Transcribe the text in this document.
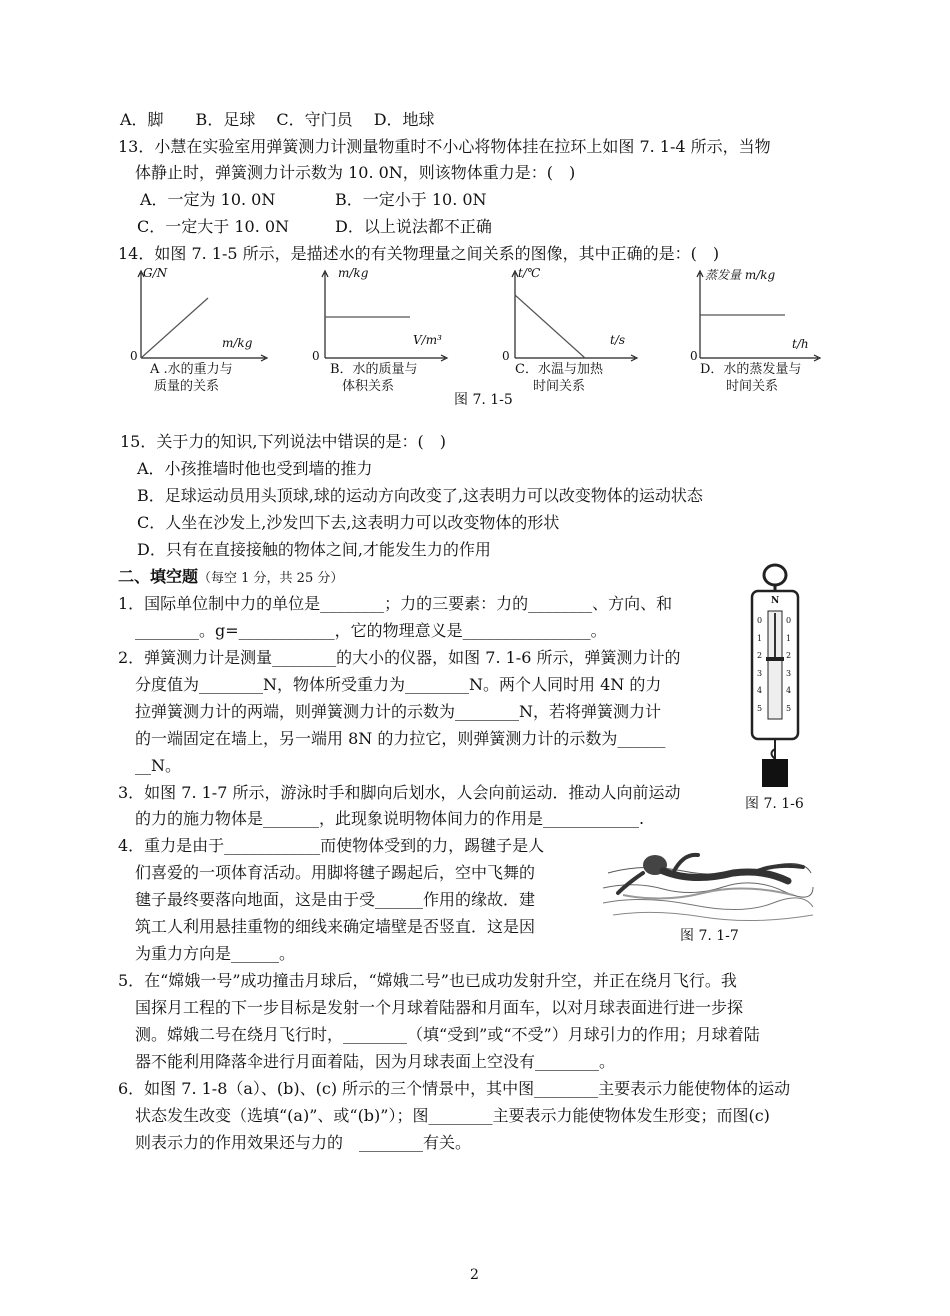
A．脚　　B．足球　 C．守门员　 D．地球
13．小慧在实验室用弹簧测力计测量物重时不小心将物体挂在拉环上如图 7. 1-4 所示，当物
体静止时，弹簧测力计示数为 10. 0N，则该物体重力是：(　)
A．一定为 10. 0N	B．一定小于 10. 0N
C．一定大于 10. 0N	D．以上说法都不正确
14．如图 7. 1-5 所示，是描述水的有关物理量之间关系的图像，其中正确的是：(　)
G/N
m/kg
0
A .水的重力与
质量的关系
m/kg
V/m³
0
B．水的质量与
体积关系
t/℃
t/s
0
C．水温与加热
时间关系
蒸发量 m/kg
t/h
0
D．水的蒸发量与
时间关系
图 7. 1-5
15．关于力的知识,下列说法中错误的是：(　)
A．小孩推墙时他也受到墙的推力
B．足球运动员用头顶球,球的运动方向改变了,这表明力可以改变物体的运动状态
C．人坐在沙发上,沙发凹下去,这表明力可以改变物体的形状
D．只有在直接接触的物体之间,才能发生力的作用
二、填空题（每空 1 分，共 25 分）
1．国际单位制中力的单位是________；力的三要素：力的________、方向、和
________。g=____________，它的物理意义是________________。
2．弹簧测力计是测量________的大小的仪器，如图 7. 1-6 所示，弹簧测力计的
分度值为________N，物体所受重力为________N。两个人同时用 4N 的力
拉弹簧测力计的两端，则弹簧测力计的示数为________N，若将弹簧测力计
的一端固定在墙上，另一端用 8N 的力拉它，则弹簧测力计的示数为______
__N。
N
0
1
2
3
4
5
0
1
2
3
4
5
图 7. 1-6
3．如图 7. 1-7 所示，游泳时手和脚向后划水，人会向前运动．推动人向前运动
的力的施力物体是_______，此现象说明物体间力的作用是____________.
4．重力是由于____________而使物体受到的力，踢毽子是人
们喜爱的一项体育活动。用脚将毽子踢起后，空中飞舞的
毽子最终要落向地面，这是由于受______作用的缘故．建
筑工人利用悬挂重物的细线来确定墙壁是否竖直．这是因
为重力方向是______。
图 7. 1-7
5．在“嫦娥一号”成功撞击月球后，“嫦娥二号”也已成功发射升空，并正在绕月飞行。我
国探月工程的下一步目标是发射一个月球着陆器和月面车，以对月球表面进行进一步探
测。嫦娥二号在绕月飞行时，________（填“受到”或“不受”）月球引力的作用；月球着陆
器不能利用降落伞进行月面着陆，因为月球表面上空没有________。
6．如图 7. 1-8（a）、(b)、(c) 所示的三个情景中，其中图________主要表示力能使物体的运动
状态发生改变（选填“(a)”、或“(b)”）；图________主要表示力能使物体发生形变；而图(c)
则表示力的作用效果还与力的　________有关。
2
